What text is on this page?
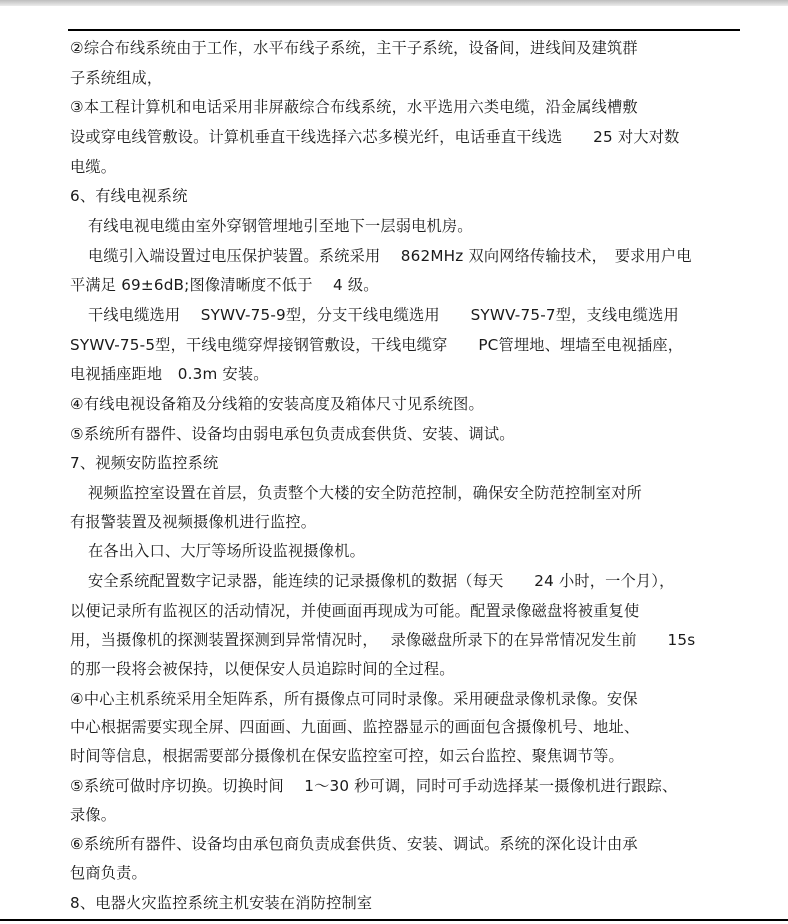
②综合布线系统由于工作，水平布线子系统，主干子系统，设备间，进线间及建筑群
子系统组成，
③本工程计算机和电话采用非屏蔽综合布线系统，水平选用六类电缆，沿金属线槽敷
设或穿电线管敷设。计算机垂直干线选择六芯多模光纤，电话垂直干线选　　25 对大对数
电缆。
6、有线电视系统
有线电视电缆由室外穿钢管埋地引至地下一层弱电机房。
电缆引入端设置过电压保护装置。系统采用　 862MHz 双向网络传输技术，　要求用户电
平满足 69±6dB;图像清晰度不低于　 4 级。
干线电缆选用　 SYWV-75-9型，分支干线电缆选用　　SYWV-75-7型，支线电缆选用
SYWV-75-5型，干线电缆穿焊接钢管敷设，干线电缆穿　　PC管埋地、埋墙至电视插座，
电视插座距地　0.3m 安装。
④有线电视设备箱及分线箱的安装高度及箱体尺寸见系统图。
⑤系统所有器件、设备均由弱电承包负责成套供货、安装、调试。
7、视频安防监控系统
视频监控室设置在首层，负责整个大楼的安全防范控制，确保安全防范控制室对所
有报警装置及视频摄像机进行监控。
在各出入口、大厅等场所设监视摄像机。
安全系统配置数字记录器，能连续的记录摄像机的数据（每天　　24 小时，一个月），
以便记录所有监视区的活动情况，并使画面再现成为可能。配置录像磁盘将被重复使
用，当摄像机的探测装置探测到异常情况时，　 录像磁盘所录下的在异常情况发生前　　15s
的那一段将会被保持，以便保安人员追踪时间的全过程。
④中心主机系统采用全矩阵系，所有摄像点可同时录像。采用硬盘录像机录像。安保
中心根据需要实现全屏、四面画、九面画、监控器显示的画面包含摄像机号、地址、
时间等信息，根据需要部分摄像机在保安监控室可控，如云台监控、聚焦调节等。
⑤系统可做时序切换。切换时间　 1～30 秒可调，同时可手动选择某一摄像机进行跟踪、
录像。
⑥系统所有器件、设备均由承包商负责成套供货、安装、调试。系统的深化设计由承
包商负责。
8、电器火灾监控系统主机安装在消防控制室
